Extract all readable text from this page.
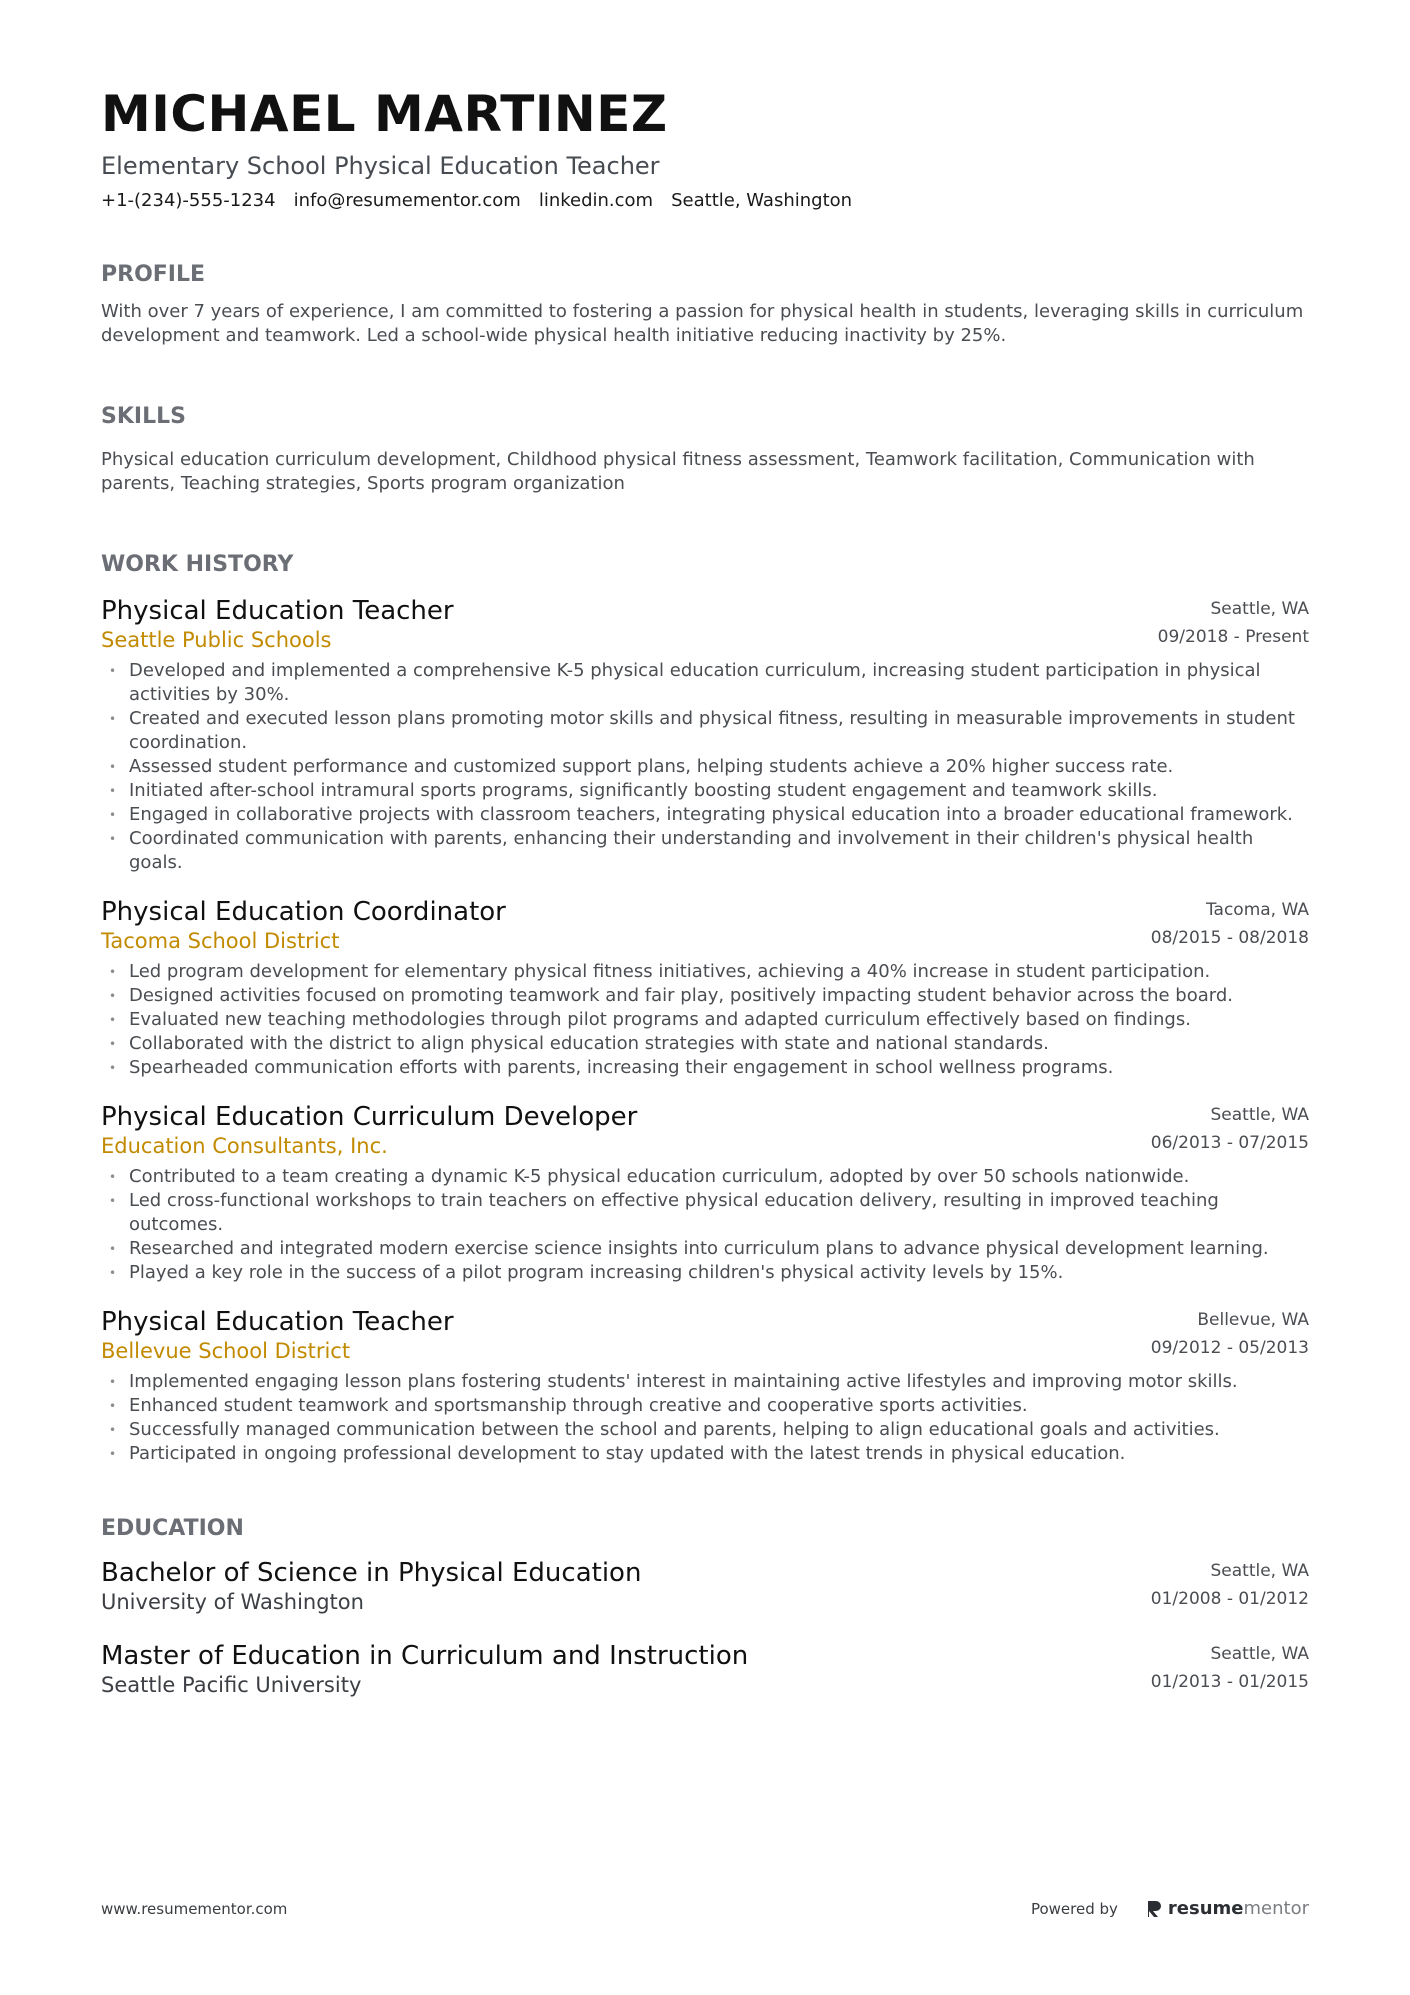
MICHAEL MARTINEZ
Elementary School Physical Education Teacher
+1-(234)-555-1234 info@resumementor.com linkedin.com Seattle, Washington
PROFILE
With over 7 years of experience, I am committed to fostering a passion for physical health in students, leveraging skills in curriculum development and teamwork. Led a school-wide physical health initiative reducing inactivity by 25%.
SKILLS
Physical education curriculum development, Childhood physical fitness assessment, Teamwork facilitation, Communication with parents, Teaching strategies, Sports program organization
WORK HISTORY
Physical Education Teacher
Seattle Public Schools
Seattle, WA
09/2018 - Present
• Developed and implemented a comprehensive K-5 physical education curriculum, increasing student participation in physical activities by 30%.
• Created and executed lesson plans promoting motor skills and physical fitness, resulting in measurable improvements in student coordination.
• Assessed student performance and customized support plans, helping students achieve a 20% higher success rate.
• Initiated after-school intramural sports programs, significantly boosting student engagement and teamwork skills.
• Engaged in collaborative projects with classroom teachers, integrating physical education into a broader educational framework.
• Coordinated communication with parents, enhancing their understanding and involvement in their children's physical health goals.
Physical Education Coordinator
Tacoma School District
Tacoma, WA
08/2015 - 08/2018
• Led program development for elementary physical fitness initiatives, achieving a 40% increase in student participation.
• Designed activities focused on promoting teamwork and fair play, positively impacting student behavior across the board.
• Evaluated new teaching methodologies through pilot programs and adapted curriculum effectively based on findings.
• Collaborated with the district to align physical education strategies with state and national standards.
• Spearheaded communication efforts with parents, increasing their engagement in school wellness programs.
Physical Education Curriculum Developer
Education Consultants, Inc.
Seattle, WA
06/2013 - 07/2015
• Contributed to a team creating a dynamic K-5 physical education curriculum, adopted by over 50 schools nationwide.
• Led cross-functional workshops to train teachers on effective physical education delivery, resulting in improved teaching outcomes.
• Researched and integrated modern exercise science insights into curriculum plans to advance physical development learning.
• Played a key role in the success of a pilot program increasing children's physical activity levels by 15%.
Physical Education Teacher
Bellevue School District
Bellevue, WA
09/2012 - 05/2013
• Implemented engaging lesson plans fostering students' interest in maintaining active lifestyles and improving motor skills.
• Enhanced student teamwork and sportsmanship through creative and cooperative sports activities.
• Successfully managed communication between the school and parents, helping to align educational goals and activities.
• Participated in ongoing professional development to stay updated with the latest trends in physical education.
EDUCATION
Bachelor of Science in Physical Education
University of Washington
Seattle, WA
01/2008 - 01/2012
Master of Education in Curriculum and Instruction
Seattle Pacific University
Seattle, WA
01/2013 - 01/2015
www.resumementor.com	Powered by	resumementor
